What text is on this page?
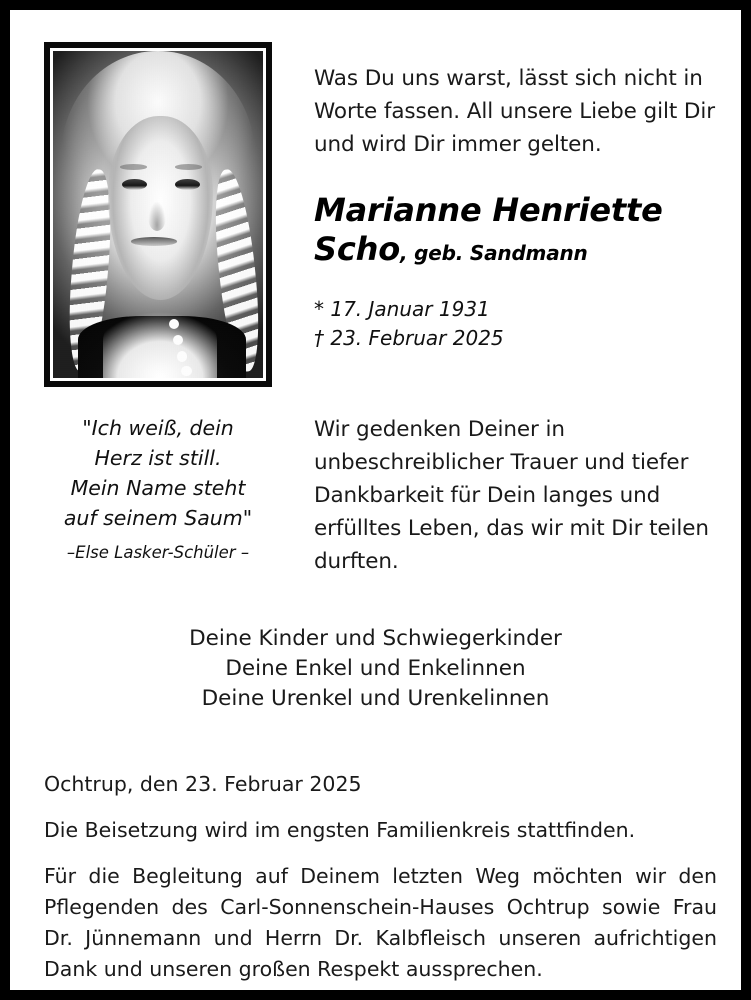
Was Du uns warst, lässt sich nicht in Worte fassen. All unsere Liebe gilt Dir und wird Dir immer gelten.
Marianne Henriette
Scho, geb. Sandmann
* 17. Januar 1931
† 23. Februar 2025
"Ich weiß, dein
Herz ist still.
Mein Name steht
auf seinem Saum"
–Else Lasker-Schüler –
Wir gedenken Deiner in unbeschreiblicher Trauer und tiefer Dankbarkeit für Dein langes und erfülltes Leben, das wir mit Dir teilen durften.
Deine Kinder und Schwiegerkinder
Deine Enkel und Enkelinnen
Deine Urenkel und Urenkelinnen
Ochtrup, den 23. Februar 2025
Die Beisetzung wird im engsten Familienkreis stattfinden.
Für die Begleitung auf Deinem letzten Weg möchten wir den Pflegenden des Carl-Sonnenschein-Hauses Ochtrup sowie Frau Dr. Jünnemann und Herrn Dr. Kalbfleisch unseren aufrichtigen Dank und unseren großen Respekt aussprechen.
